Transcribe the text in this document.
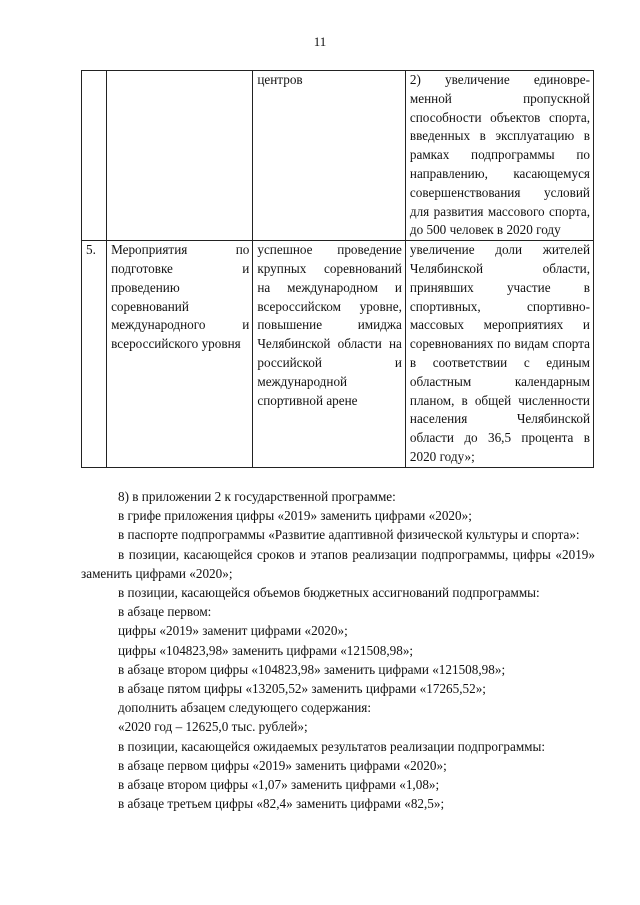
11

		центров	2) увеличение единовре-менной пропускной способности объектов спорта, введенных в эксплуатацию в рамках подпрограммы по направлению, касающемуся совершенствования условий для развития массового спорта, до 500 человек в 2020 году

5.	Мероприятия по подготовке и проведению соревнований международного и всероссийского уровня	успешное проведение крупных соревнований на международном и всероссийском уровне, повышение имиджа Челябинской области на российской и международной спортивной арене	увеличение доли жителей Челябинской области, принявших участие в спортивных, спортивно-массовых мероприятиях и соревнованиях по видам спорта в соответствии с единым областным календарным планом, в общей численности населения Челябинской области до 36,5 процента в 2020 году»;

8) в приложении 2 к государственной программе:

в грифе приложения цифры «2019» заменить цифрами «2020»;

в паспорте подпрограммы «Развитие адаптивной физической культуры и спорта»:

в позиции, касающейся сроков и этапов реализации подпрограммы, цифры «2019» заменить цифрами «2020»;

в позиции, касающейся объемов бюджетных ассигнований подпрограммы:

в абзаце первом:

цифры «2019» заменит цифрами «2020»;

цифры «104823,98» заменить цифрами «121508,98»;

в абзаце втором цифры «104823,98» заменить цифрами «121508,98»;

в абзаце пятом цифры «13205,52» заменить цифрами «17265,52»;

дополнить абзацем следующего содержания:

«2020 год – 12625,0 тыс. рублей»;

в позиции, касающейся ожидаемых результатов реализации подпрограммы:

в абзаце первом цифры «2019» заменить цифрами «2020»;

в абзаце втором цифры «1,07» заменить цифрами «1,08»;

в абзаце третьем цифры «82,4» заменить цифрами «82,5»;
